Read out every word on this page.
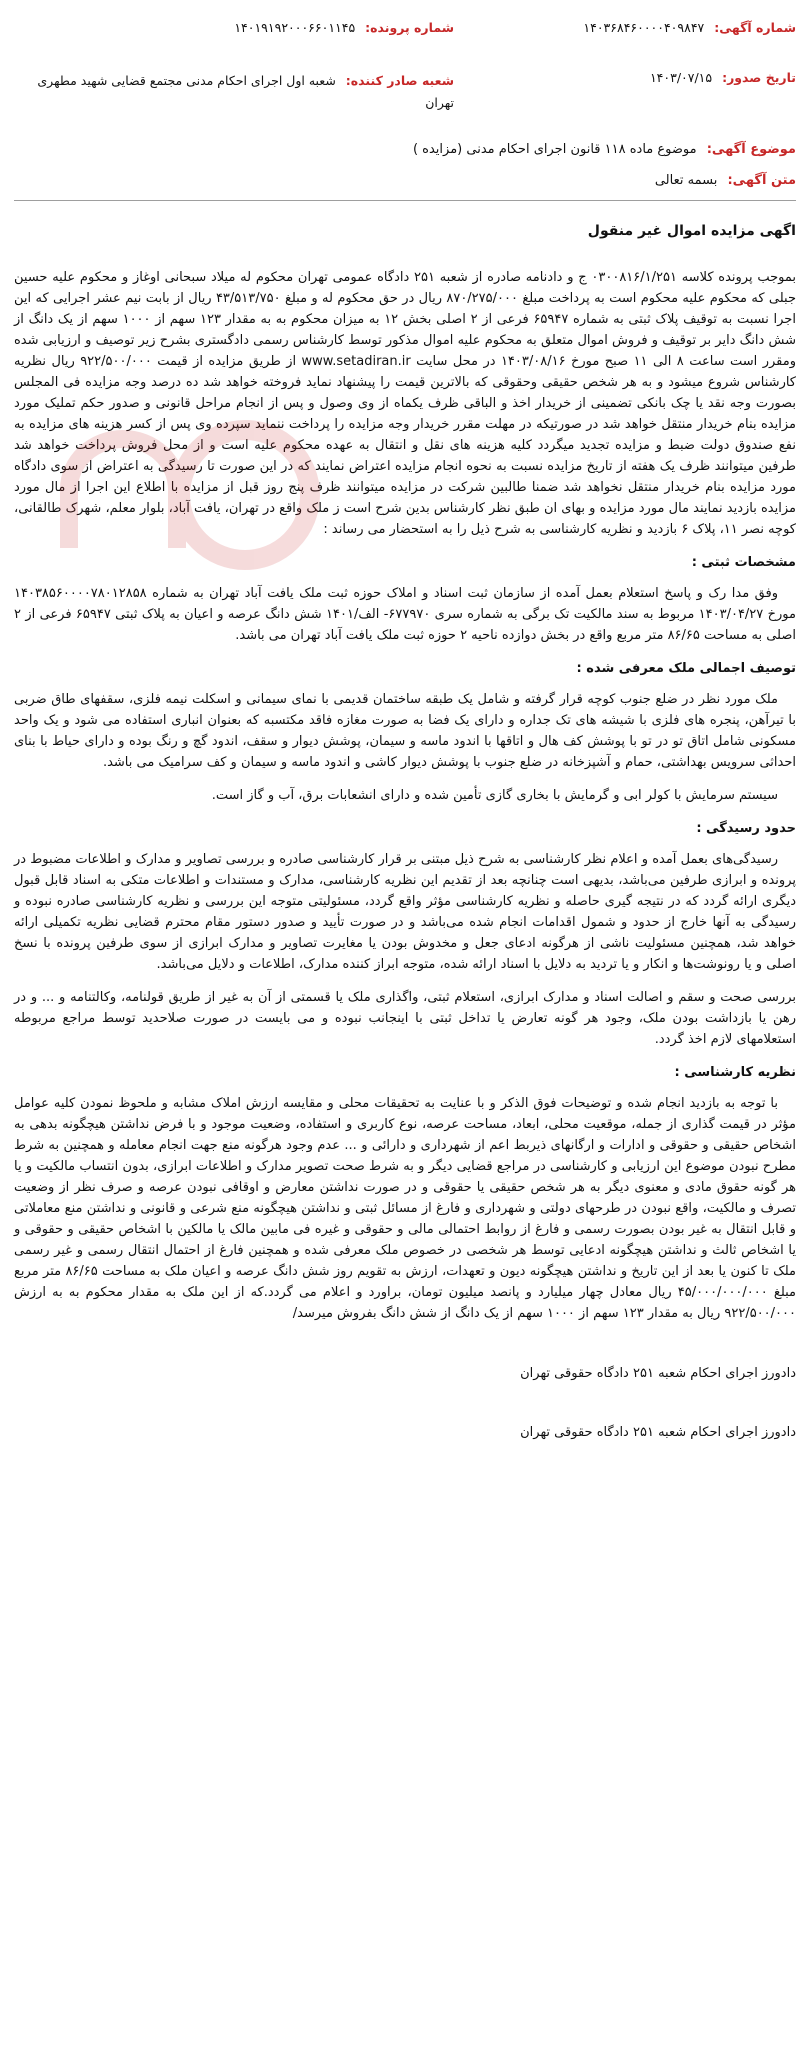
شماره آگهی: ۱۴۰۳۶۸۴۶۰۰۰۰۴۰۹۸۴۷
شماره پرونده: ۱۴۰۱۹۱۹۲۰۰۰۶۶۰۱۱۴۵
تاریخ صدور: ۱۴۰۳/۰۷/۱۵
شعبه صادر کننده: شعبه اول اجرای احکام مدنی مجتمع قضایی شهید مطهری تهران
موضوع آگهی: موضوع ماده ۱۱۸ قانون اجرای احکام مدنی (مزایده )
متن آگهی: بسمه تعالی
اگهی مزایده اموال غیر منقول

بموجب پرونده کلاسه ۰۳۰۰۸۱۶/۱/۲۵۱ ج و دادنامه صادره از شعبه ۲۵۱ دادگاه عمومی تهران محکوم له میلاد سبحانی اوغاز و محکوم علیه حسین جبلی که محکوم علیه محکوم است به پرداخت مبلغ ۸۷۰/۲۷۵/۰۰۰ ریال در حق محکوم له و مبلغ ۴۳/۵۱۳/۷۵۰ ریال از بابت نیم عشر اجرایی که این اجرا نسبت به توقیف پلاک ثبتی به شماره ۶۵۹۴۷ فرعی از ۲ اصلی بخش ۱۲ به میزان محکوم به به مقدار ۱۲۳ سهم از ۱۰۰۰ سهم از یک دانگ از شش دانگ دایر بر توقیف و فروش اموال متعلق به محکوم علیه اموال مذکور توسط کارشناس رسمی دادگستری بشرح زیر توصیف و ارزیابی شده ومقرر است ساعت ۸ الی ۱۱ صبح مورخ ۱۴۰۳/۰۸/۱۶ در محل سایت www.setadiran.ir از طریق مزایده از قیمت ۹۲۲/۵۰۰/۰۰۰ ریال نظریه کارشناس شروع میشود و به هر شخص حقیقی وحقوقی که بالاترین قیمت را پیشنهاد نماید فروخته خواهد شد ده درصد وجه مزایده فی المجلس بصورت وجه نقد یا چک بانکی تضمینی از خریدار اخذ و الباقی ظرف یکماه از وی وصول و پس از انجام مراحل قانونی و صدور حکم تملیک مورد مزایده بنام خریدار منتقل خواهد شد در صورتیکه در مهلت مقرر خریدار وجه مزایده را پرداخت ننماید سپرده وی پس از کسر هزینه های مزایده به نفع صندوق دولت ضبط و مزایده تجدید میگردد کلیه هزینه های نقل و انتقال به عهده محکوم علیه است و از محل فروش پرداخت خواهد شد طرفین میتوانند ظرف یک هفته از تاریخ مزایده نسبت به نحوه انجام مزایده اعتراض نمایند که در این صورت تا رسیدگی به اعتراض از سوی دادگاه مورد مزایده بنام خریدار منتقل نخواهد شد ضمنا طالبین شرکت در مزایده میتوانند ظرف پنج روز قبل از مزایده با اطلاع این اجرا از مال مورد مزایده بازدید نمایند مال مورد مزایده و بهای ان طبق نظر کارشناس بدین شرح است ز ملک واقع در تهران، یافت آباد، بلوار معلم، شهرک طالقانی، کوچه نصر ۱۱، پلاک ۶ بازدید و نظریه کارشناسی به شرح ذیل را به استحضار می رساند :

مشخصات ثبتی :

وفق مدا رک و پاسخ استعلام بعمل آمده از سازمان ثبت اسناد و املاک حوزه ثبت ملک یافت آباد تهران به شماره ۱۴۰۳۸۵۶۰۰۰۰۷۸۰۱۲۸۵۸ مورخ ۱۴۰۳/۰۴/۲۷ مربوط به سند مالکیت تک برگی به شماره سری ۶۷۷۹۷۰- الف/۱۴۰۱ شش دانگ عرصه و اعیان به پلاک ثبتی ۶۵۹۴۷ فرعی از ۲ اصلی به مساحت ۸۶/۶۵ متر مربع واقع در بخش دوازده ناحیه ۲ حوزه ثبت ملک یافت آباد تهران می باشد.

توصیف اجمالی ملک معرفی شده :

ملک مورد نظر در ضلع جنوب کوچه قرار گرفته و شامل یک طبقه ساختمان قدیمی با نمای سیمانی و اسکلت نیمه فلزی، سقفهای طاق ضربی با تیرآهن، پنجره های فلزی با شیشه های تک جداره و دارای یک فضا به صورت مغازه فاقد مکتسبه که بعنوان انباری استفاده می شود و یک واحد مسکونی شامل اتاق تو در تو با پوشش کف هال و اتاقها با اندود ماسه و سیمان، پوشش دیوار و سقف، اندود گچ و رنگ بوده و دارای حیاط با بنای احداثی سرویس بهداشتی، حمام و آشپزخانه در ضلع جنوب با پوشش دیوار کاشی و اندود ماسه و سیمان و کف سرامیک می باشد.

سیستم سرمایش با کولر ابی و گرمایش با بخاری گازی تأمین شده و دارای انشعابات برق، آب و گاز است.

حدود رسیدگی :

رسیدگی‌های بعمل آمده و اعلام نظر کارشناسی به شرح ذیل مبتنی بر قرار کارشناسی صادره و بررسی تصاویر و مدارک و اطلاعات مضبوط در پرونده و ابرازی طرفین می‌باشد، بدیهی است چنانچه بعد از تقدیم این نظریه کارشناسی، مدارک و مستندات و اطلاعات متکی به اسناد قابل قبول دیگری ارائه گردد که در نتیجه گیری حاصله و نظریه کارشناسی مؤثر واقع گردد، مسئولیتی متوجه این بررسی و نظریه کارشناسی صادره نبوده و رسیدگی به آنها خارج از حدود و شمول اقدامات انجام شده می‌باشد و در صورت تأیید و صدور دستور مقام محترم قضایی نظریه تکمیلی ارائه خواهد شد، همچنین مسئولیت ناشی از هرگونه ادعای جعل و مخدوش بودن یا مغایرت تصاویر و مدارک ابرازی از سوی طرفین پرونده با نسخ اصلی و یا رونوشت‌ها و انکار و یا تردید به دلایل با اسناد ارائه شده، متوجه ابراز کننده مدارک، اطلاعات و دلایل می‌باشد.

بررسی صحت و سقم و اصالت اسناد و مدارک ابرازی، استعلام ثبتی، واگذاری ملک یا قسمتی از آن به غیر از طریق قولنامه، وکالتنامه و ... و در رهن یا بازداشت بودن ملک، وجود هر گونه تعارض یا تداخل ثبتی با اینجانب نبوده و می بایست در صورت صلاحدید توسط مراجع مربوطه استعلامهای لازم اخذ گردد.

نظریه کارشناسی :

با توجه به بازدید انجام شده و توضیحات فوق الذکر و با عنایت به تحقیقات محلی و مقایسه ارزش املاک مشابه و ملحوظ نمودن کلیه عوامل مؤثر در قیمت گذاری از جمله، موقعیت محلی، ابعاد، مساحت عرصه، نوع کاربری و استفاده، وضعیت موجود و با فرض نداشتن هیچگونه بدهی به اشخاص حقیقی و حقوقی و ادارات و ارگانهای ذیربط اعم از شهرداری و دارائی و ... عدم وجود هرگونه منع جهت انجام معامله و همچنین به شرط مطرح نبودن موضوع این ارزیابی و کارشناسی در مراجع قضایی دیگر و به شرط صحت تصویر مدارک و اطلاعات ابرازی، بدون انتساب مالکیت و یا هر گونه حقوق مادی و معنوی دیگر به هر شخص حقیقی یا حقوقی و در صورت نداشتن معارض و اوقافی نبودن عرصه و صرف نظر از وضعیت تصرف و مالکیت، واقع نبودن در طرحهای دولتی و شهرداری و فارغ از مسائل ثبتی و نداشتن هیچگونه منع شرعی و قانونی و نداشتن منع معاملاتی و قابل انتقال به غیر بودن بصورت رسمی و فارغ از روابط احتمالی مالی و حقوقی و غیره فی مابین مالک یا مالکین با اشخاص حقیقی و حقوقی و یا اشخاص ثالث و نداشتن هیچگونه ادعایی توسط هر شخصی در خصوص ملک معرفی شده و همچنین فارغ از احتمال انتقال رسمی و غیر رسمی ملک تا کنون یا بعد از این تاریخ و نداشتن هیچگونه دیون و تعهدات، ارزش به تقویم روز شش دانگ عرصه و اعیان ملک به مساحت ۸۶/۶۵ متر مربع مبلغ ۴۵/۰۰۰/۰۰۰/۰۰۰ ریال معادل چهار میلیارد و پانصد میلیون تومان، براورد و اعلام می گردد.که از این ملک به مقدار محکوم به به ارزش ۹۲۲/۵۰۰/۰۰۰ ریال به مقدار ۱۲۳ سهم از ۱۰۰۰ سهم از یک دانگ از شش دانگ بفروش میرسد/

دادورز اجرای احکام شعبه ۲۵۱ دادگاه حقوقی تهران
دادورز اجرای احکام شعبه ۲۵۱ دادگاه حقوقی تهران
